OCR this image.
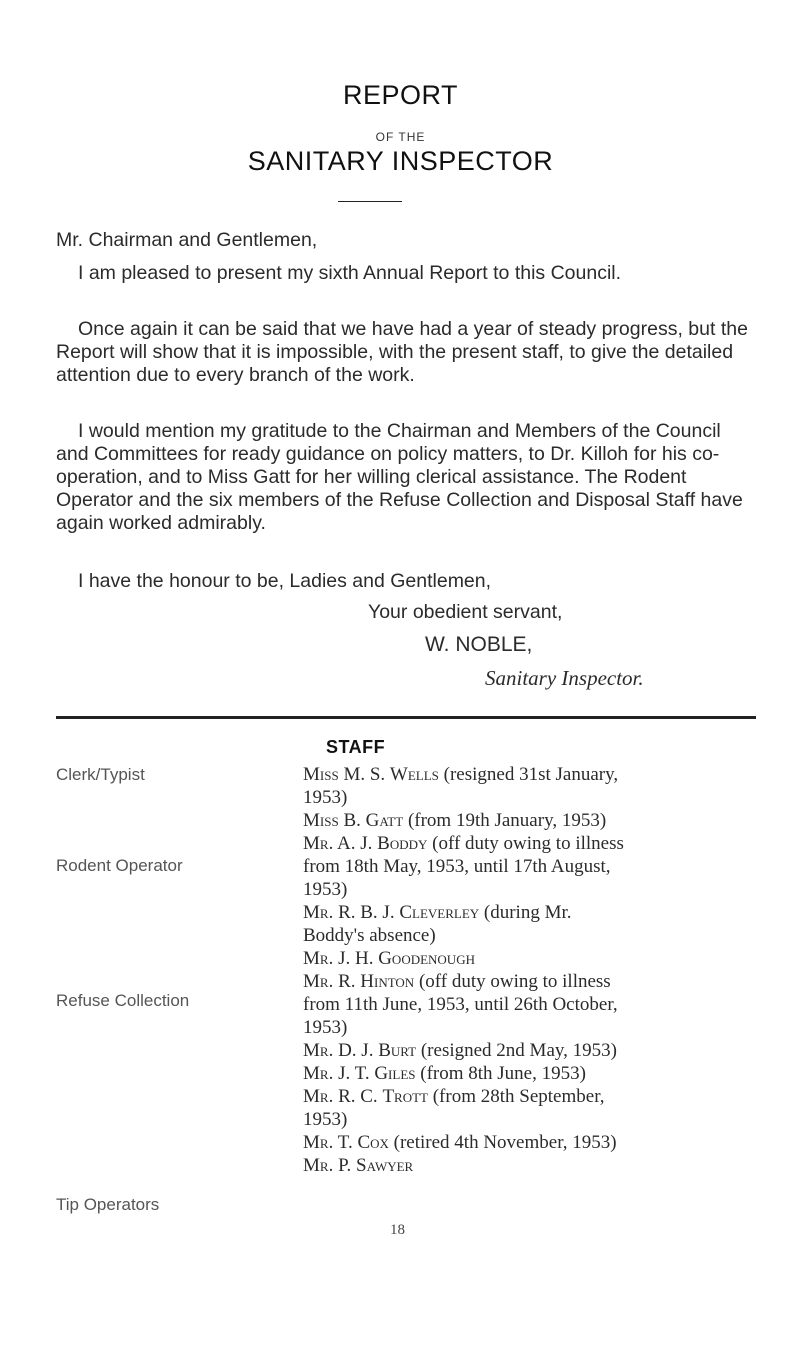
REPORT
OF THE
SANITARY INSPECTOR
Mr. Chairman and Gentlemen,
I am pleased to present my sixth Annual Report to this Council.
Once again it can be said that we have had a year of steady progress, but the Report will show that it is impossible, with the present staff, to give the detailed attention due to every branch of the work.
I would mention my gratitude to the Chairman and Members of the Council and Committees for ready guidance on policy matters, to Dr. Killoh for his co-operation, and to Miss Gatt for her willing clerical assistance. The Rodent Operator and the six members of the Refuse Collection and Disposal Staff have again worked admirably.
I have the honour to be, Ladies and Gentlemen,
Your obedient servant,
W. NOBLE,
Sanitary Inspector.
STAFF
Clerk/Typist
Rodent Operator
Refuse Collection
Tip Operators
Miss M. S. Wells (resigned 31st January,
1953)
Miss B. Gatt (from 19th January, 1953)
Mr. A. J. Boddy (off duty owing to illness
from 18th May, 1953, until 17th August,
1953)
Mr. R. B. J. Cleverley (during Mr.
Boddy's absence)
Mr. J. H. Goodenough
Mr. R. Hinton (off duty owing to illness
from 11th June, 1953, until 26th October,
1953)
Mr. D. J. Burt (resigned 2nd May, 1953)
Mr. J. T. Giles (from 8th June, 1953)
Mr. R. C. Trott (from 28th September,
1953)
Mr. T. Cox (retired 4th November, 1953)
Mr. P. Sawyer
18
